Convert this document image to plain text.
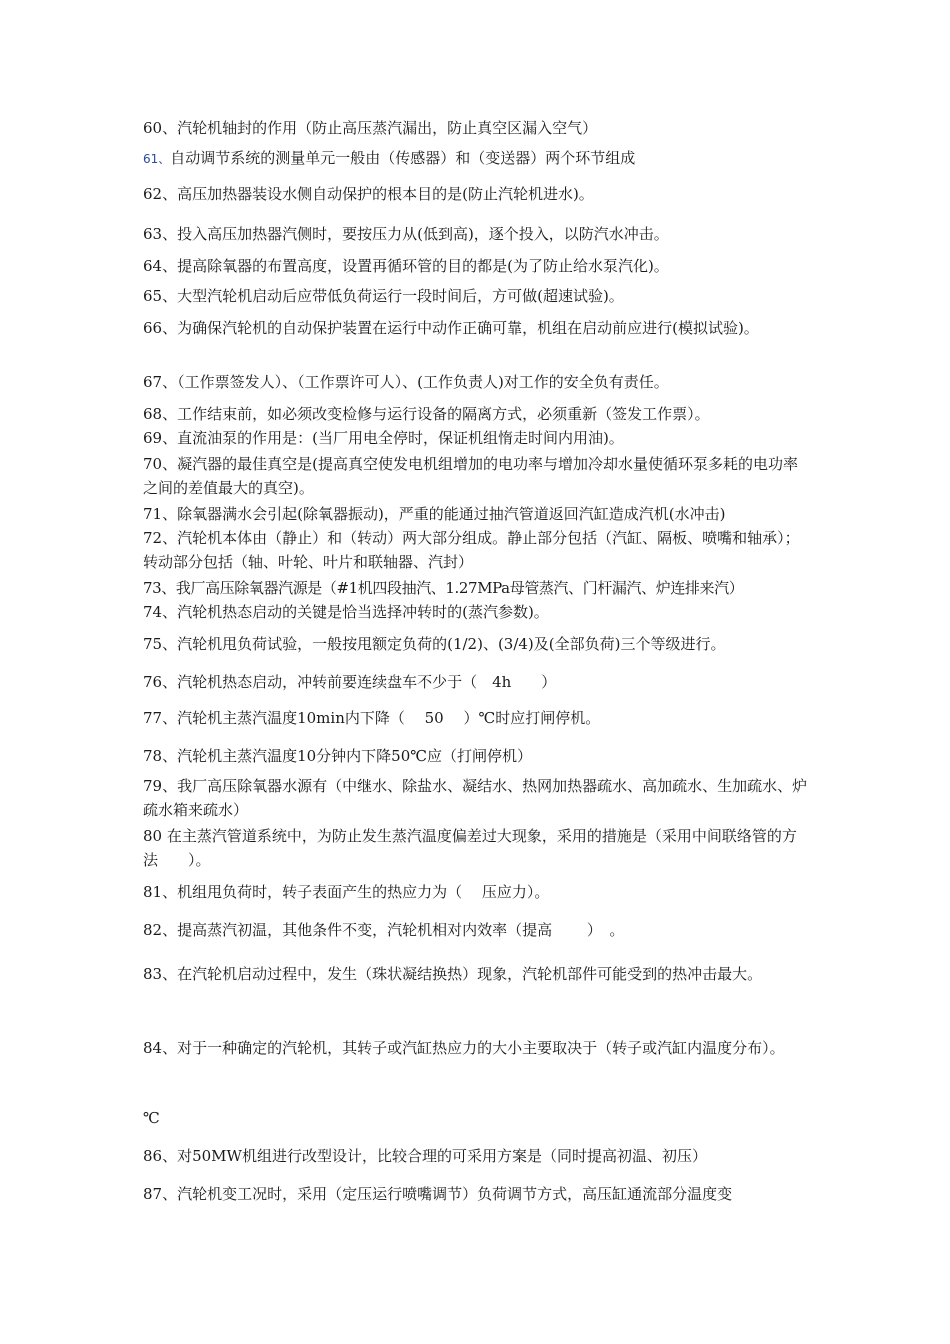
60、汽轮机轴封的作用（防止高压蒸汽漏出，防止真空区漏入空气）

61、自动调节系统的测量单元一般由（传感器）和（变送器）两个环节组成

62、高压加热器装设水侧自动保护的根本目的是(防止汽轮机进水)。

63、投入高压加热器汽侧时，要按压力从(低到高)，逐个投入，以防汽水冲击。

64、提高除氧器的布置高度，设置再循环管的目的都是(为了防止给水泵汽化)。

65、大型汽轮机启动后应带低负荷运行一段时间后，方可做(超速试验)。

66、为确保汽轮机的自动保护装置在运行中动作正确可靠，机组在启动前应进行(模拟试验)。

67、（工作票签发人）、（工作票许可人）、(工作负责人)对工作的安全负有责任。

68、工作结束前，如必须改变检修与运行设备的隔离方式，必须重新（签发工作票）。

69、直流油泵的作用是：(当厂用电全停时，保证机组惰走时间内用油)。

70、凝汽器的最佳真空是(提高真空使发电机组增加的电功率与增加冷却水量使循环泵多耗的电功率之间的差值最大的真空)。

71、除氧器满水会引起(除氧器振动)，严重的能通过抽汽管道返回汽缸造成汽机(水冲击)

72、汽轮机本体由（静止）和（转动）两大部分组成。静止部分包括（汽缸、隔板、喷嘴和轴承）；转动部分包括（轴、叶轮、叶片和联轴器、汽封）

73、我厂高压除氧器汽源是（#1机四段抽汽、1.27MPa母管蒸汽、门杆漏汽、炉连排来汽）

74、汽轮机热态启动的关键是恰当选择冲转时的(蒸汽参数)。

75、汽轮机甩负荷试验，一般按甩额定负荷的(1/2)、(3/4)及(全部负荷)三个等级进行。

76、汽轮机热态启动，冲转前要连续盘车不少于（　4h　　）

77、汽轮机主蒸汽温度10min内下降（　 50　 ）℃时应打闸停机。

78、汽轮机主蒸汽温度10分钟内下降50℃应（打闸停机）

79、我厂高压除氧器水源有（中继水、除盐水、凝结水、热网加热器疏水、高加疏水、生加疏水、炉疏水箱来疏水）

80 在主蒸汽管道系统中，为防止发生蒸汽温度偏差过大现象，采用的措施是（采用中间联络管的方法　　）。

81、机组甩负荷时，转子表面产生的热应力为（　 压应力）。

82、提高蒸汽初温，其他条件不变，汽轮机相对内效率（提高　　 ）　。

83、在汽轮机启动过程中，发生（珠状凝结换热）现象，汽轮机部件可能受到的热冲击最大。

84、对于一种确定的汽轮机，其转子或汽缸热应力的大小主要取决于（转子或汽缸内温度分布）。

℃

86、对50MW机组进行改型设计，比较合理的可采用方案是（同时提高初温、初压）

87、汽轮机变工况时，采用（定压运行喷嘴调节）负荷调节方式，高压缸通流部分温度变
